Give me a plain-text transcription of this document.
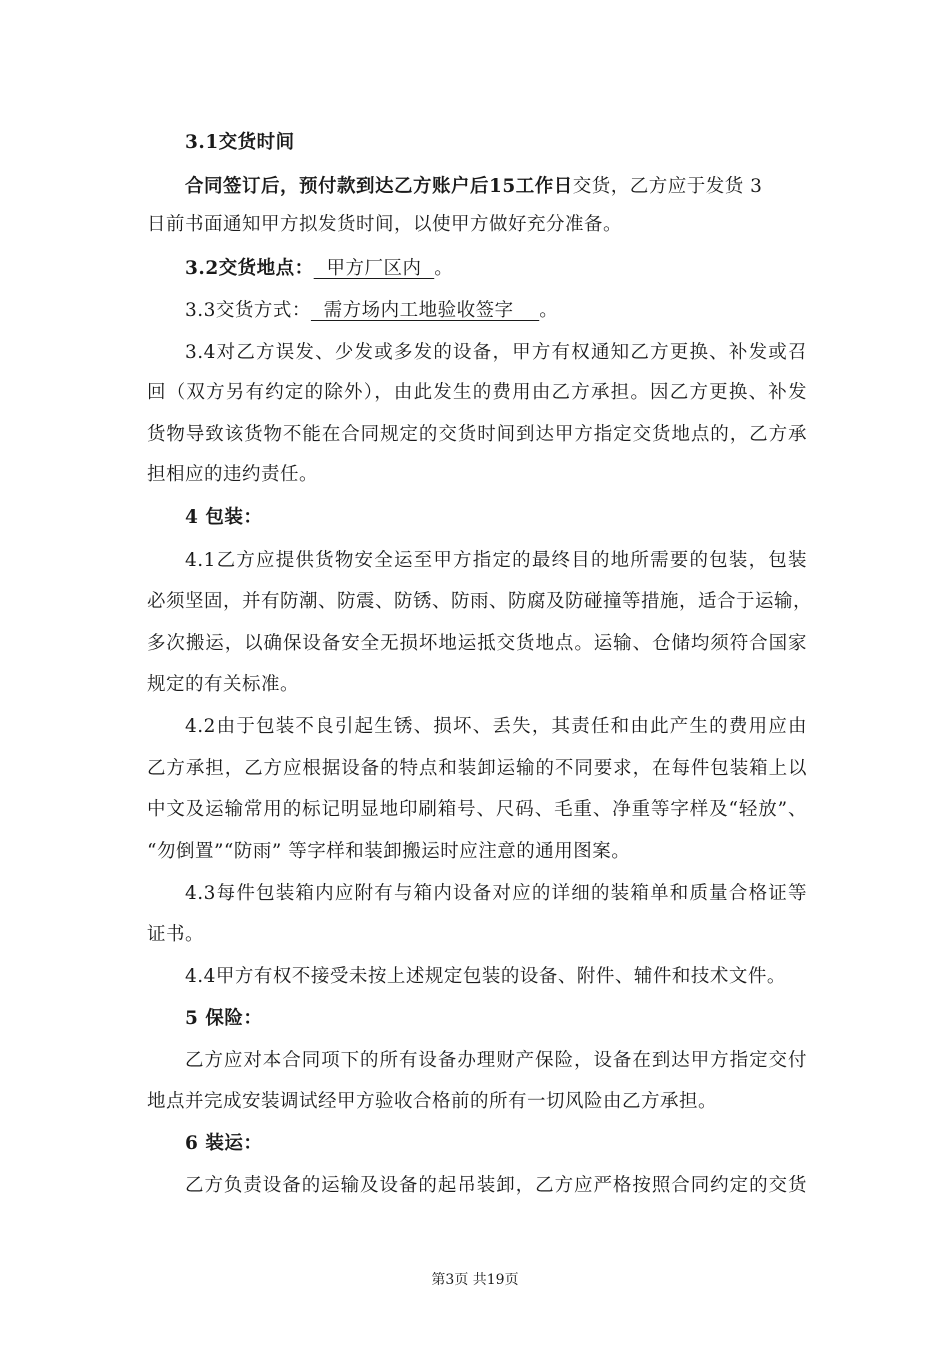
3.1交货时间
合同签订后，预付款到达乙方账户后15工作日交货，乙方应于发货 3
日前书面通知甲方拟发货时间，以使甲方做好充分准备。
3.2交货地点：  甲方厂区内  。
3.3交货方式：  需方场内工地验收签字    。
3.4对乙方误发、少发或多发的设备，甲方有权通知乙方更换、补发或召
回（双方另有约定的除外），由此发生的费用由乙方承担。因乙方更换、补发
货物导致该货物不能在合同规定的交货时间到达甲方指定交货地点的，乙方承
担相应的违约责任。
4 包装：
4.1乙方应提供货物安全运至甲方指定的最终目的地所需要的包装，包装
必须坚固，并有防潮、防震、防锈、防雨、防腐及防碰撞等措施，适合于运输，
多次搬运，以确保设备安全无损坏地运抵交货地点。运输、仓储均须符合国家
规定的有关标准。
4.2由于包装不良引起生锈、损坏、丢失，其责任和由此产生的费用应由
乙方承担，乙方应根据设备的特点和装卸运输的不同要求，在每件包装箱上以
中文及运输常用的标记明显地印刷箱号、尺码、毛重、净重等字样及“轻放”、
“勿倒置”“防雨” 等字样和装卸搬运时应注意的通用图案。
4.3每件包装箱内应附有与箱内设备对应的详细的装箱单和质量合格证等
证书。
4.4甲方有权不接受未按上述规定包装的设备、附件、辅件和技术文件。
5 保险：
乙方应对本合同项下的所有设备办理财产保险，设备在到达甲方指定交付
地点并完成安装调试经甲方验收合格前的所有一切风险由乙方承担。
6 装运：
乙方负责设备的运输及设备的起吊装卸，乙方应严格按照合同约定的交货
第3页 共19页
